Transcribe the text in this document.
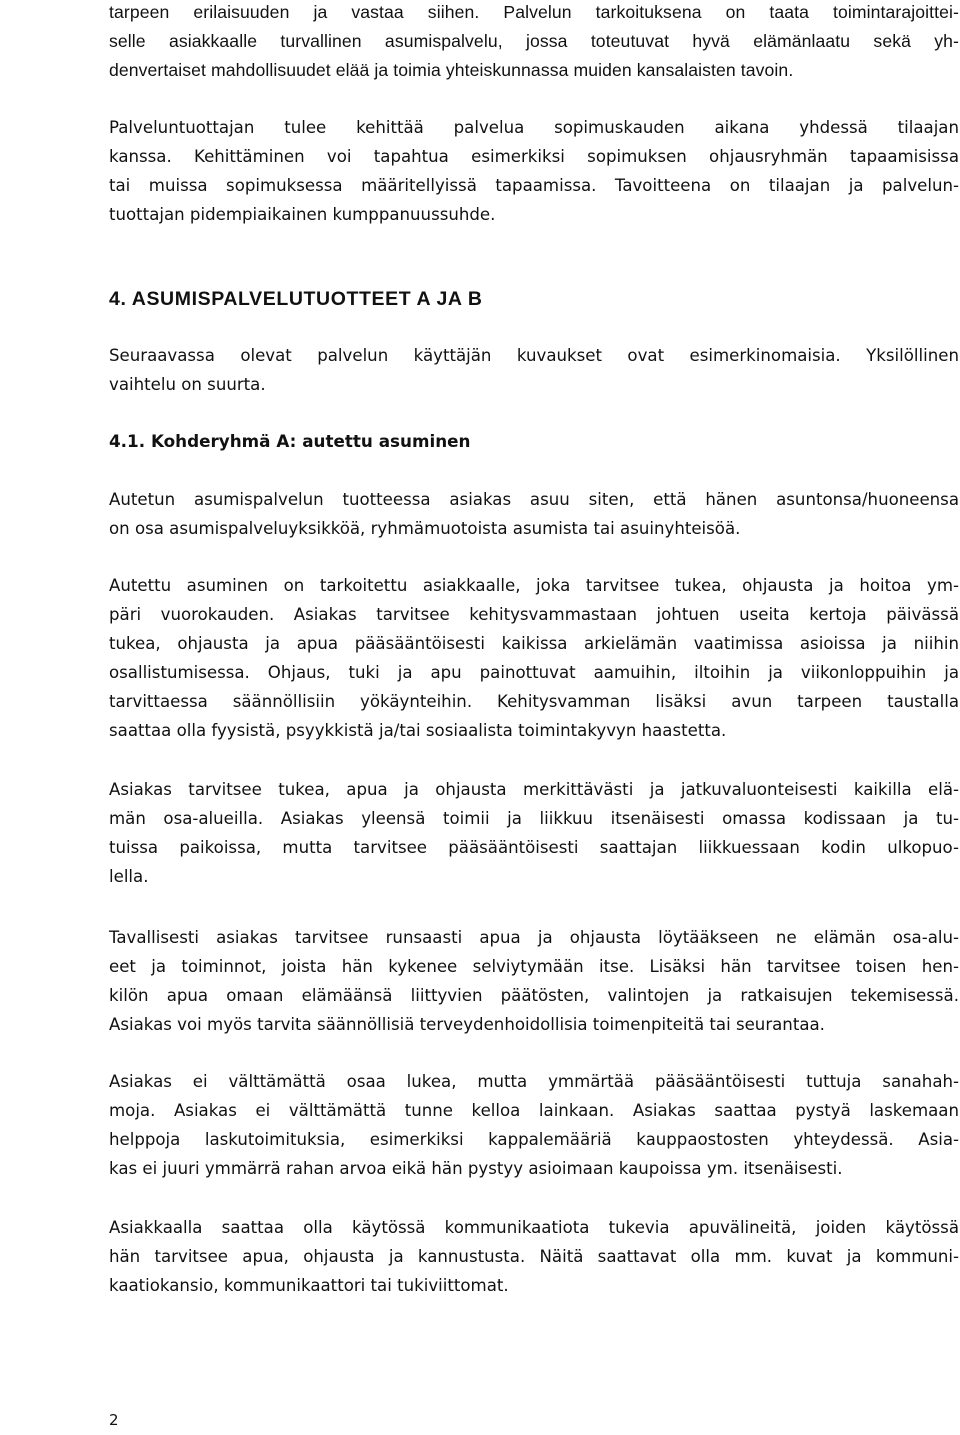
tarpeen erilaisuuden ja vastaa siihen. Palvelun tarkoituksena on taata toimintarajoittei-
selle asiakkaalle turvallinen asumispalvelu, jossa toteutuvat hyvä elämänlaatu sekä yh-
denvertaiset mahdollisuudet elää ja toimia yhteiskunnassa muiden kansalaisten tavoin.
Palveluntuottajan tulee kehittää palvelua sopimuskauden aikana yhdessä tilaajan
kanssa. Kehittäminen voi tapahtua esimerkiksi sopimuksen ohjausryhmän tapaamisissa
tai muissa sopimuksessa määritellyissä tapaamissa. Tavoitteena on tilaajan ja palvelun-
tuottajan pidempiaikainen kumppanuussuhde.
4. ASUMISPALVELUTUOTTEET A JA B
Seuraavassa olevat palvelun käyttäjän kuvaukset ovat esimerkinomaisia. Yksilöllinen
vaihtelu on suurta.
4.1. Kohderyhmä A: autettu asuminen
Autetun asumispalvelun tuotteessa asiakas asuu siten, että hänen asuntonsa/huoneensa
on osa asumispalveluyksikköä, ryhmämuotoista asumista tai asuinyhteisöä.
Autettu asuminen on tarkoitettu asiakkaalle, joka tarvitsee tukea, ohjausta ja hoitoa ym-
päri vuorokauden. Asiakas tarvitsee kehitysvammastaan johtuen useita kertoja päivässä
tukea, ohjausta ja apua pääsääntöisesti kaikissa arkielämän vaatimissa asioissa ja niihin
osallistumisessa. Ohjaus, tuki ja apu painottuvat aamuihin, iltoihin ja viikonloppuihin ja
tarvittaessa säännöllisiin yökäynteihin. Kehitysvamman lisäksi avun tarpeen taustalla
saattaa olla fyysistä, psyykkistä ja/tai sosiaalista toimintakyvyn haastetta.
Asiakas tarvitsee tukea, apua ja ohjausta merkittävästi ja jatkuvaluonteisesti kaikilla elä-
män osa-alueilla. Asiakas yleensä toimii ja liikkuu itsenäisesti omassa kodissaan ja tu-
tuissa paikoissa, mutta tarvitsee pääsääntöisesti saattajan liikkuessaan kodin ulkopuo-
lella.
Tavallisesti asiakas tarvitsee runsaasti apua ja ohjausta löytääkseen ne elämän osa-alu-
eet ja toiminnot, joista hän kykenee selviytymään itse. Lisäksi hän tarvitsee toisen hen-
kilön apua omaan elämäänsä liittyvien päätösten, valintojen ja ratkaisujen tekemisessä.
Asiakas voi myös tarvita säännöllisiä terveydenhoidollisia toimenpiteitä tai seurantaa.
Asiakas ei välttämättä osaa lukea, mutta ymmärtää pääsääntöisesti tuttuja sanahah-
moja. Asiakas ei välttämättä tunne kelloa lainkaan. Asiakas saattaa pystyä laskemaan
helppoja laskutoimituksia, esimerkiksi kappalemääriä kauppaostosten yhteydessä. Asia-
kas ei juuri ymmärrä rahan arvoa eikä hän pystyy asioimaan kaupoissa ym. itsenäisesti.
Asiakkaalla saattaa olla käytössä kommunikaatiota tukevia apuvälineitä, joiden käytössä
hän tarvitsee apua, ohjausta ja kannustusta. Näitä saattavat olla mm. kuvat ja kommuni-
kaatiokansio, kommunikaattori tai tukiviittomat.
2
